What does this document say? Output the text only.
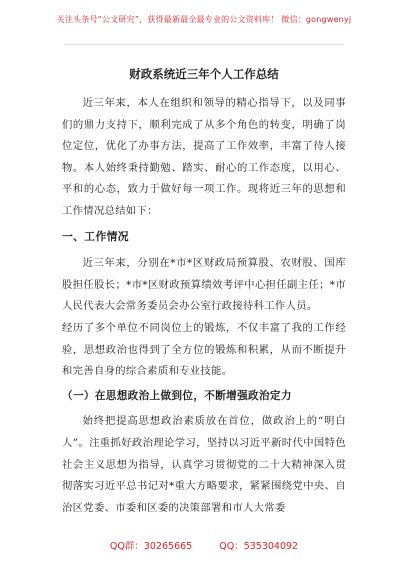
关注头条号“公文研究”，获得最新最全最专业的公文资料库！ 微信：gongwenyj
财政系统近三年个人工作总结

近三年来，本人在组织和领导的精心指导下，以及同事们的鼎力支持下，顺利完成了从多个角色的转变，明确了岗位定位，优化了办事方法，提高了工作效率，丰富了待人接物。本人始终秉持勤勉、踏实、耐心的工作态度，以用心、平和的心态，致力于做好每一项工作。现将近三年的思想和工作情况总结如下：

一、工作情况

近三年来，分别在*市*区财政局预算股、农财股、国库股担任股长；*市*区财政预算绩效考评中心担任副主任；*市人民代表大会常务委员会办公室行政接待科工作人员。

经历了多个单位不同岗位上的锻炼，不仅丰富了我的工作经验，思想政治也得到了全方位的锻炼和积累，从而不断提升和完善自身的综合素质和专业技能。

（一）在思想政治上做到位，不断增强政治定力

始终把提高思想政治素质放在首位，做政治上的“明白人”。注重抓好政治理论学习，坚持以习近平新时代中国特色社会主义思想为指导，认真学习贯彻党的二十大精神深入贯彻落实习近平总书记对*重大方略要求，紧紧围绕党中央、自治区党委、市委和区委的决策部署和市人大常委

QQ群：30265665	QQ：535304092
